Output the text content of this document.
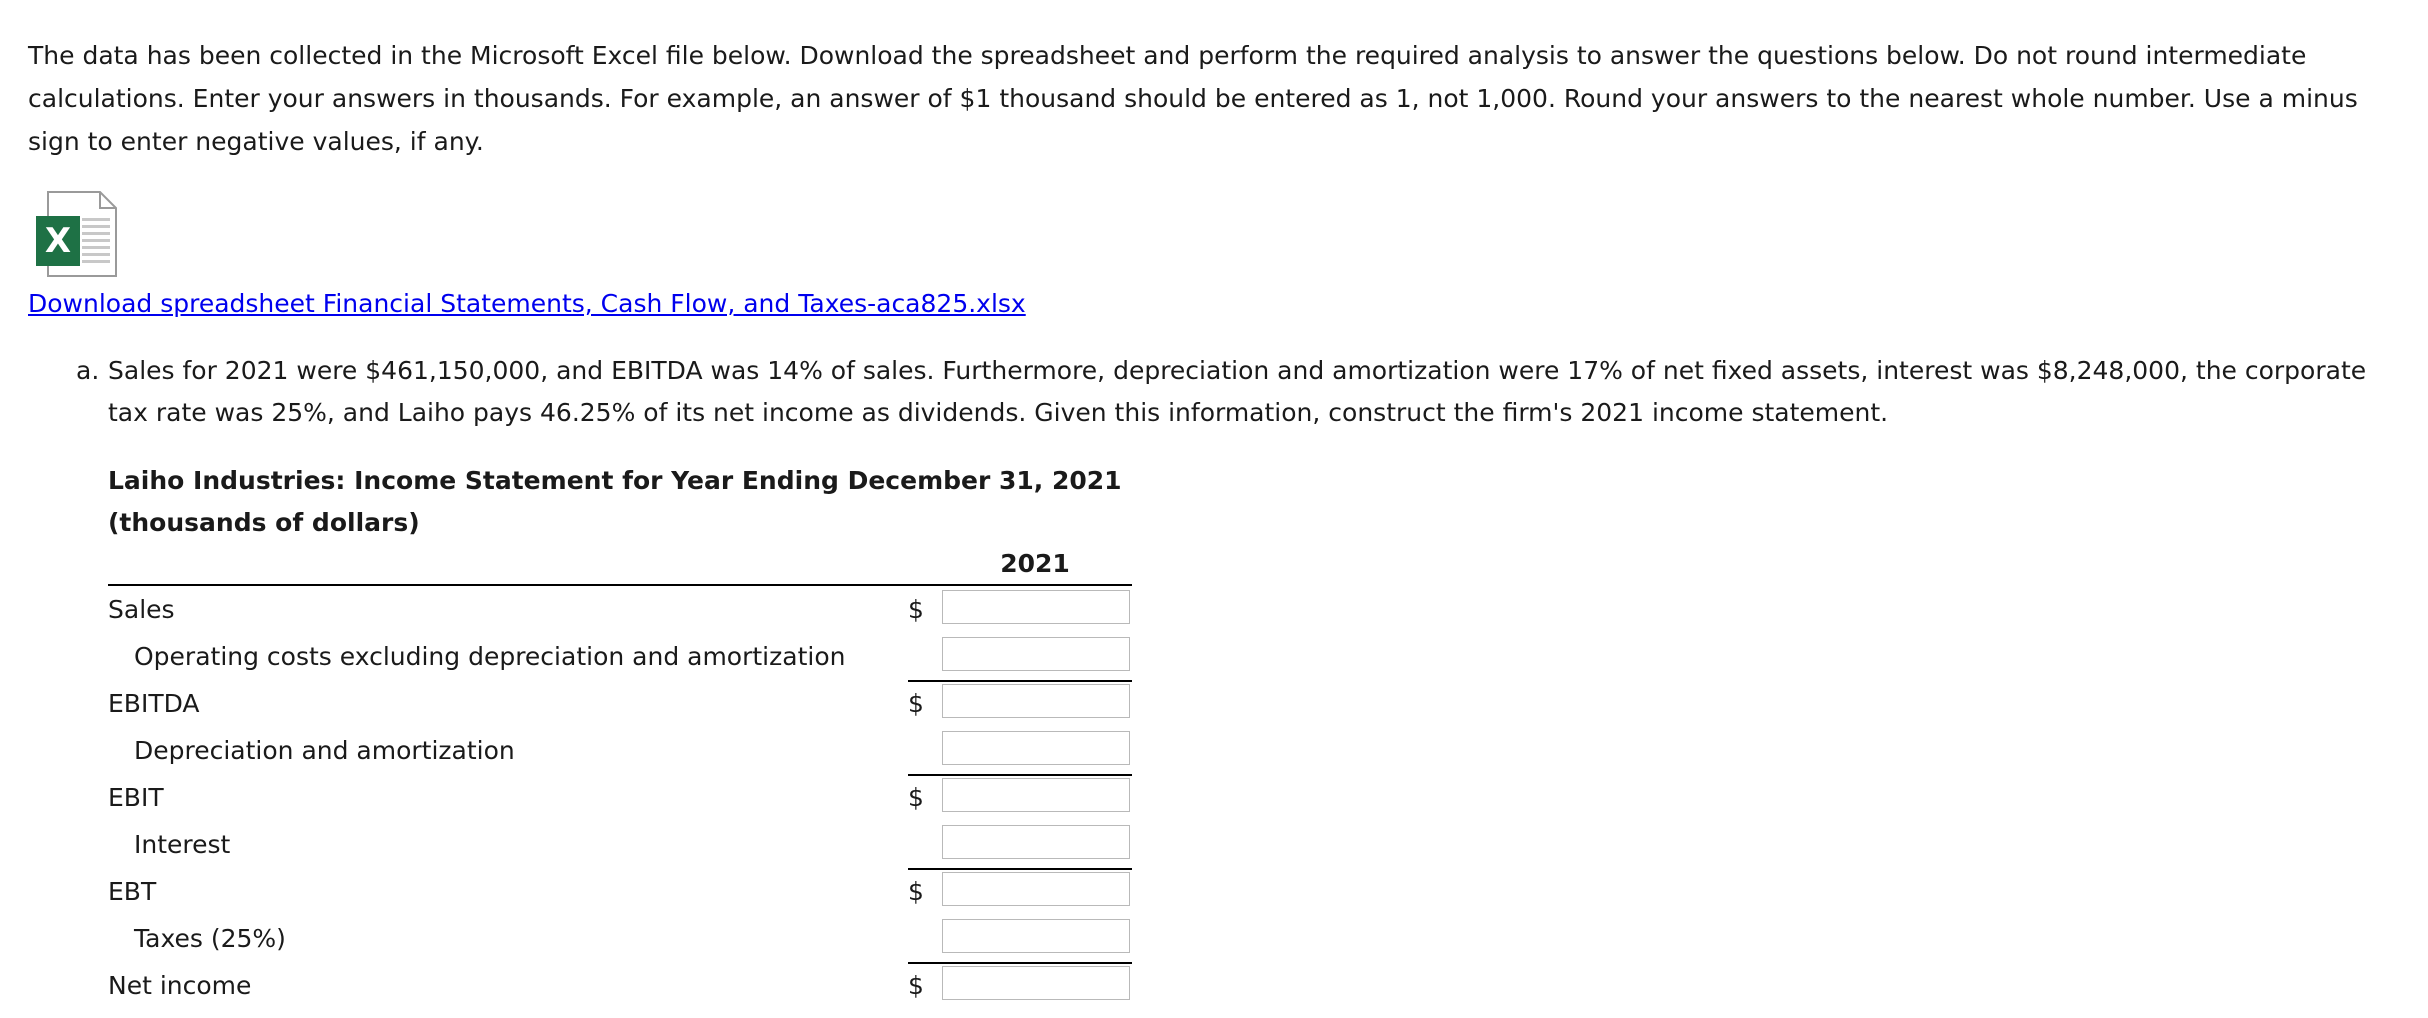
The data has been collected in the Microsoft Excel file below. Download the spreadsheet and perform the required analysis to answer the questions below. Do not round intermediate calculations. Enter your answers in thousands. For example, an answer of $1 thousand should be entered as 1, not 1,000. Round your answers to the nearest whole number. Use a minus sign to enter negative values, if any.
X
Download spreadsheet Financial Statements, Cash Flow, and Taxes-aca825.xlsx
a. Sales for 2021 were $461,150,000, and EBITDA was 14% of sales. Furthermore, depreciation and amortization were 17% of net fixed assets, interest was $8,248,000, the corporate tax rate was 25%, and Laiho pays 46.25% of its net income as dividends. Given this information, construct the firm's 2021 income statement.
Laiho Industries: Income Statement for Year Ending December 31, 2021
(thousands of dollars)
2021
Sales	$
Operating costs excluding depreciation and amortization
EBITDA	$
Depreciation and amortization
EBIT	$
Interest
EBT	$
Taxes (25%)
Net income	$
